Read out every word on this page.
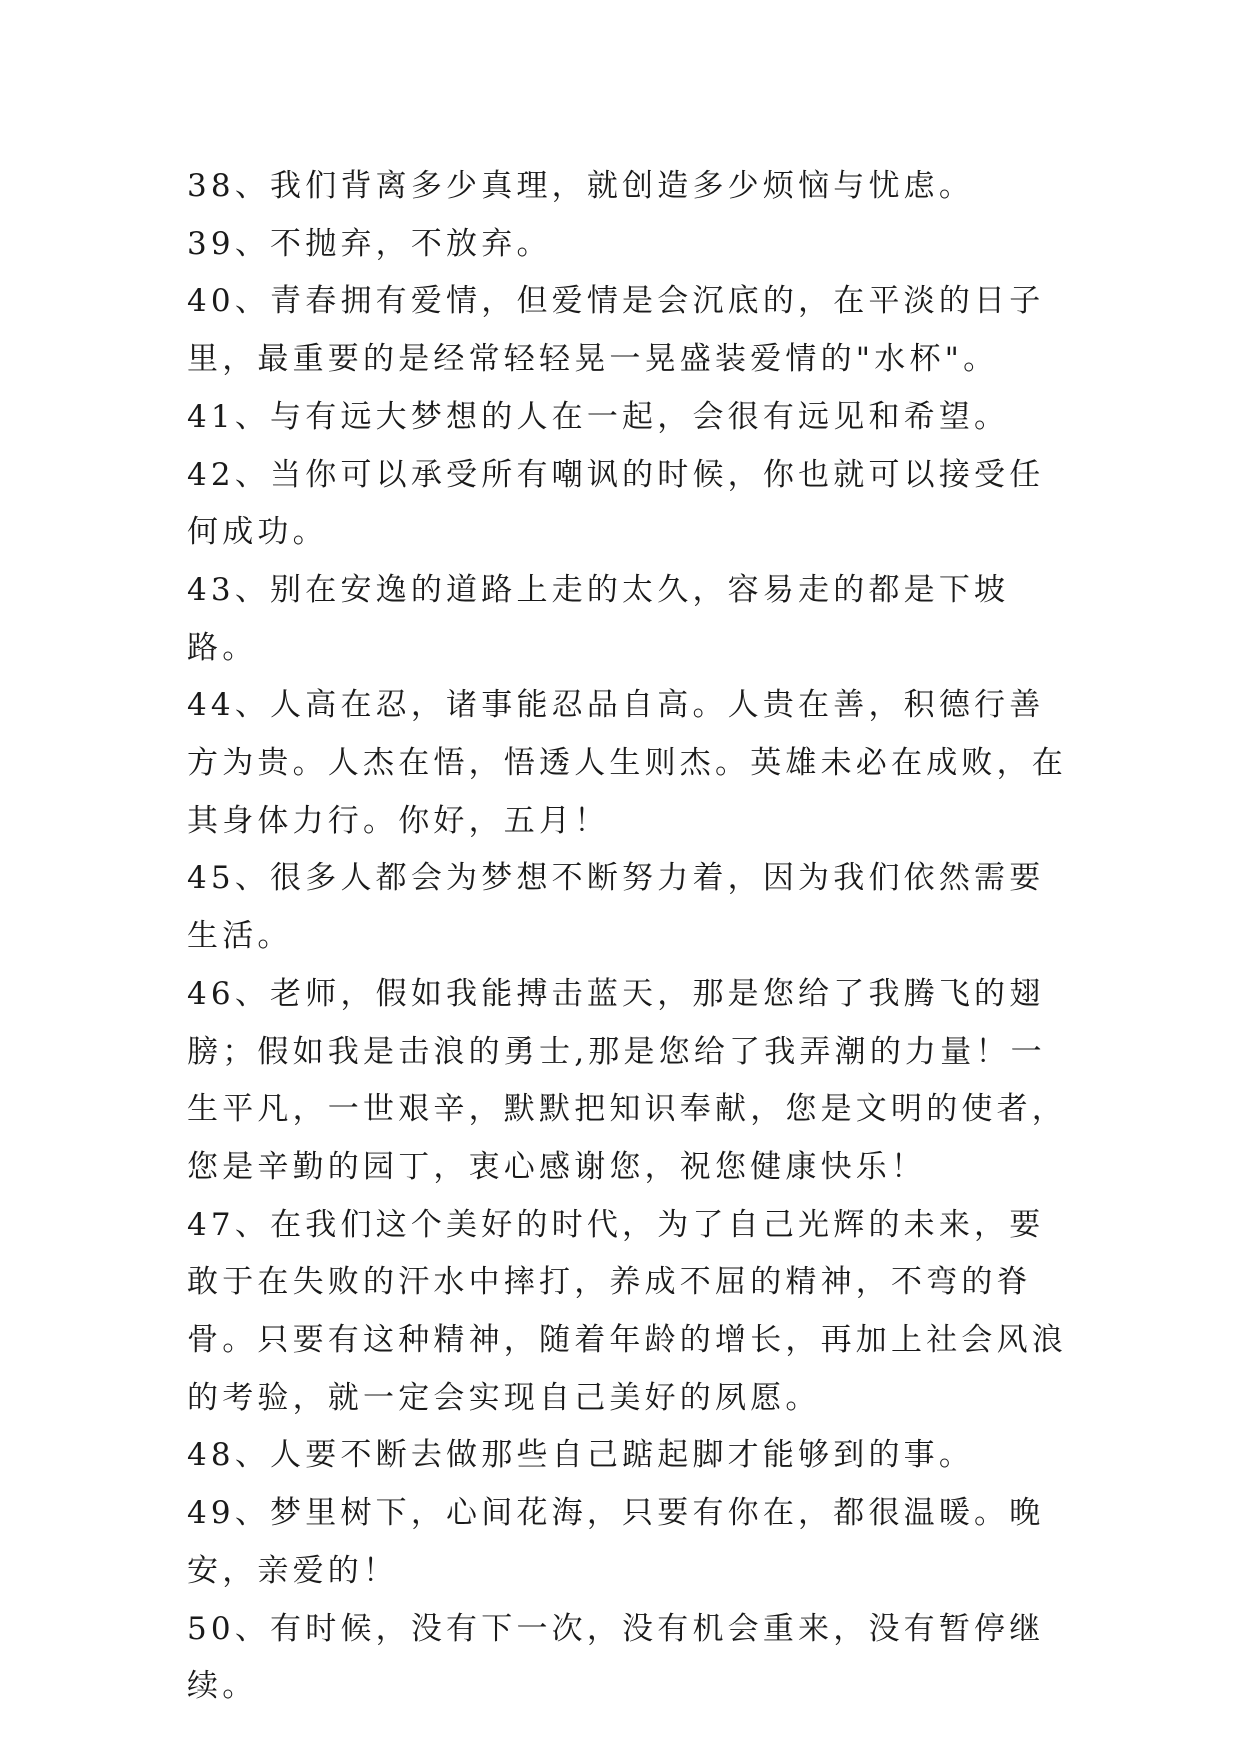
38、我们背离多少真理，就创造多少烦恼与忧虑。

39、不抛弃，不放弃。

40、青春拥有爱情，但爱情是会沉底的，在平淡的日子里，最重要的是经常轻轻晃一晃盛装爱情的"水杯"。

41、与有远大梦想的人在一起，会很有远见和希望。

42、当你可以承受所有嘲讽的时候，你也就可以接受任何成功。

43、别在安逸的道路上走的太久，容易走的都是下坡路。

44、人高在忍，诸事能忍品自高。人贵在善，积德行善方为贵。人杰在悟，悟透人生则杰。英雄未必在成败，在其身体力行。你好，五月！

45、很多人都会为梦想不断努力着，因为我们依然需要生活。

46、老师，假如我能搏击蓝天，那是您给了我腾飞的翅膀；假如我是击浪的勇士,那是您给了我弄潮的力量！一生平凡，一世艰辛，默默把知识奉献，您是文明的使者，您是辛勤的园丁，衷心感谢您，祝您健康快乐！

47、在我们这个美好的时代，为了自己光辉的未来，要敢于在失败的汗水中摔打，养成不屈的精神，不弯的脊骨。只要有这种精神，随着年龄的增长，再加上社会风浪的考验，就一定会实现自己美好的夙愿。

48、人要不断去做那些自己踮起脚才能够到的事。

49、梦里树下，心间花海，只要有你在，都很温暖。晚安，亲爱的！

50、有时候，没有下一次，没有机会重来，没有暂停继续。
